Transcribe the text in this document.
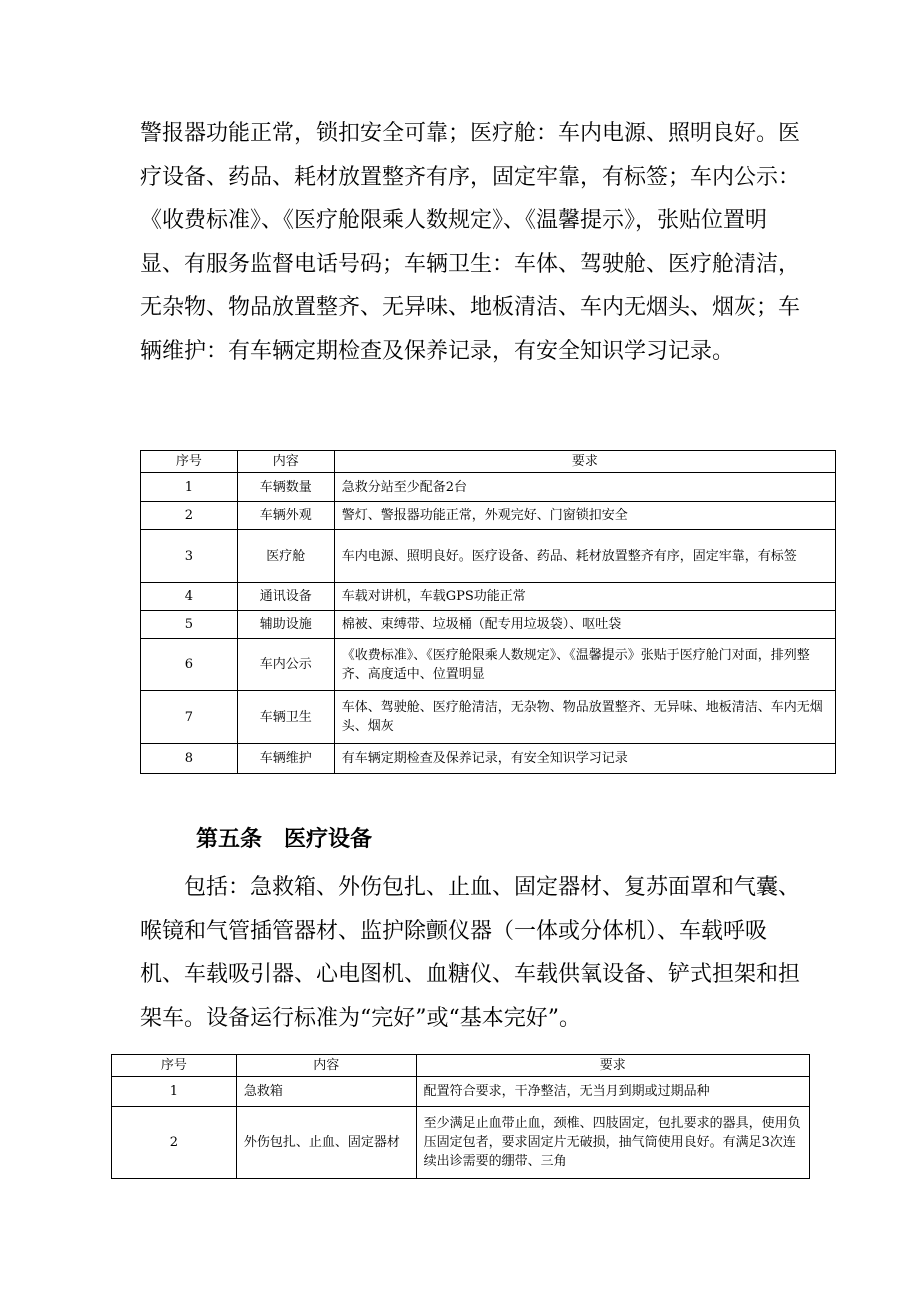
警报器功能正常，锁扣安全可靠；医疗舱：车内电源、照明良好。医疗设备、药品、耗材放置整齐有序，固定牢靠，有标签；车内公示： 《收费标准》、《医疗舱限乘人数规定》、《温馨提示》，张贴位置明显、有服务监督电话号码；车辆卫生：车体、驾驶舱、医疗舱清洁，无杂物、物品放置整齐、无异味、地板清洁、车内无烟头、烟灰；车辆维护：有车辆定期检查及保养记录，有安全知识学习记录。

序号	内容	要求
1	车辆数量	急救分站至少配备2台
2	车辆外观	警灯、警报器功能正常，外观完好、门窗锁扣安全
3	医疗舱	车内电源、照明良好。医疗设备、药品、耗材放置整齐有序，固定牢靠，有标签
4	通讯设备	车载对讲机，车载GPS功能正常
5	辅助设施	棉被、束缚带、垃圾桶（配专用垃圾袋）、呕吐袋
6	车内公示	《收费标准》、《医疗舱限乘人数规定》、《温馨提示》张贴于医疗舱门对面，排列整齐、高度适中、位置明显
7	车辆卫生	车体、驾驶舱、医疗舱清洁，无杂物、物品放置整齐、无异味、地板清洁、车内无烟头、烟灰
8	车辆维护	有车辆定期检查及保养记录，有安全知识学习记录
第五条 医疗设备

包括：急救箱、外伤包扎、止血、固定器材、复苏面罩和气囊、喉镜和气管插管器材、监护除颤仪器（一体或分体机）、车载呼吸机、车载吸引器、心电图机、血糖仪、车载供氧设备、铲式担架和担架车。设备运行标准为“完好”或“基本完好”。

序号	内容	要求
1	急救箱	配置符合要求，干净整洁，无当月到期或过期品种
2	外伤包扎、止血、固定器材	至少满足止血带止血，颈椎、四肢固定，包扎要求的器具，使用负压固定包者，要求固定片无破损，抽气筒使用良好。有满足3次连续出诊需要的绷带、三角
